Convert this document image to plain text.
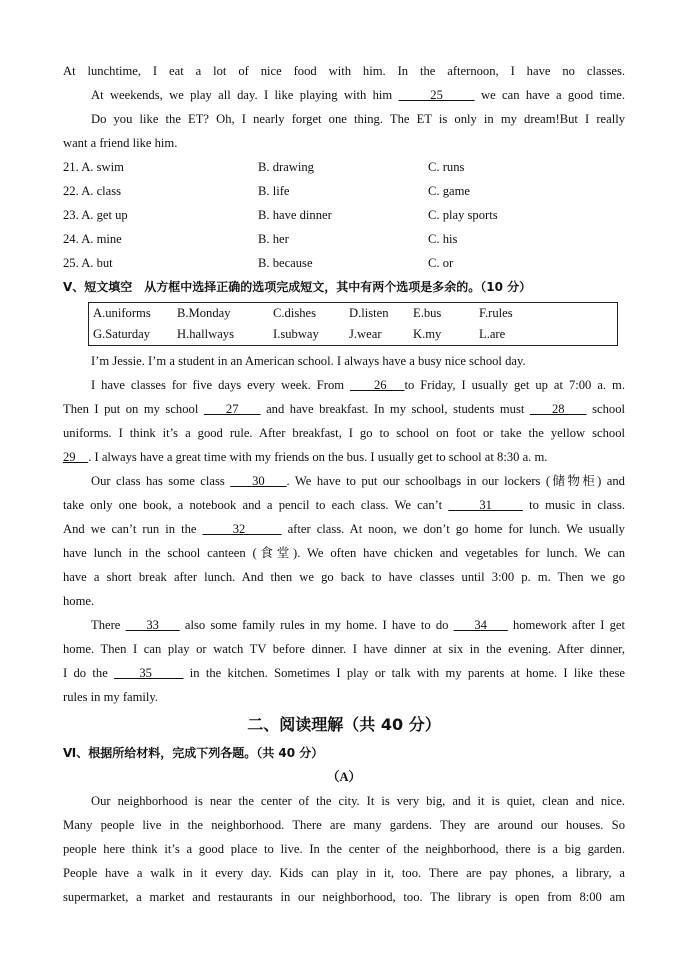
At lunchtime, I eat a lot of nice food with him. In the afternoon, I have no classes.
At weekends, we play all day. I like playing with him      25      we can have a good time.
Do you like the ET? Oh, I nearly forget one thing. The ET is only in my dream!But I really
want a friend like him.
21. A. swim	B. drawing	C. runs
22. A. class	B. life	C. game
23. A. get up	B. have dinner	C. play sports
24. A. mine	B. her	C. his
25. A. but	B. because	C. or
Ⅴ、短文填空　从方框中选择正确的选项完成短文，其中有两个选项是多余的。（10 分）
A.uniforms	B.Monday	C.dishes	D.listen	E.bus	F.rules
G.Saturday	H.hallways	I.subway	J.wear	K.my	L.are
I’m Jessie. I’m a student in an American school. I always have a busy nice school day.
I have classes for five days every week. From     26   to Friday, I usually get up at 7:00 a. m.
Then I put on my school     27     and have breakfast. In my school, students must     28     school
uniforms. I think it’s a good rule. After breakfast, I go to school on foot or take the yellow school
29    . I always have a great time with my friends on the bus. I usually get to school at 8:30 a. m.
Our class has some class     30    . We have to put our schoolbags in our lockers (储物柜) and
take only one book, a notebook and a pencil to each class. We can’t      31      to music in class.
And we can’t run in the      32       after class. At noon, we don’t go home for lunch. We usually
have lunch in the school canteen (食堂). We often have chicken and vegetables for lunch. We can
have a short break after lunch. And then we go back to have classes until 3:00 p. m. Then we go
home.
There     33     also some family rules in my home. I have to do     34     homework after I get
home. Then I can play or watch TV before dinner. I have dinner at six in the evening. After dinner,
I do the     35      in the kitchen. Sometimes I play or talk with my parents at home. I like these
rules in my family.
二、阅读理解（共 40 分）
Ⅵ、根据所给材料，完成下列各题。（共 40 分）
（A）
Our neighborhood is near the center of the city. It is very big, and it is quiet, clean and nice.
Many people live in the neighborhood. There are many gardens. They are around our houses. So
people here think it’s a good place to live. In the center of the neighborhood, there is a big garden.
People have a walk in it every day. Kids can play in it, too. There are pay phones, a library, a
supermarket, a market and restaurants in our neighborhood, too. The library is open from 8:00 am
